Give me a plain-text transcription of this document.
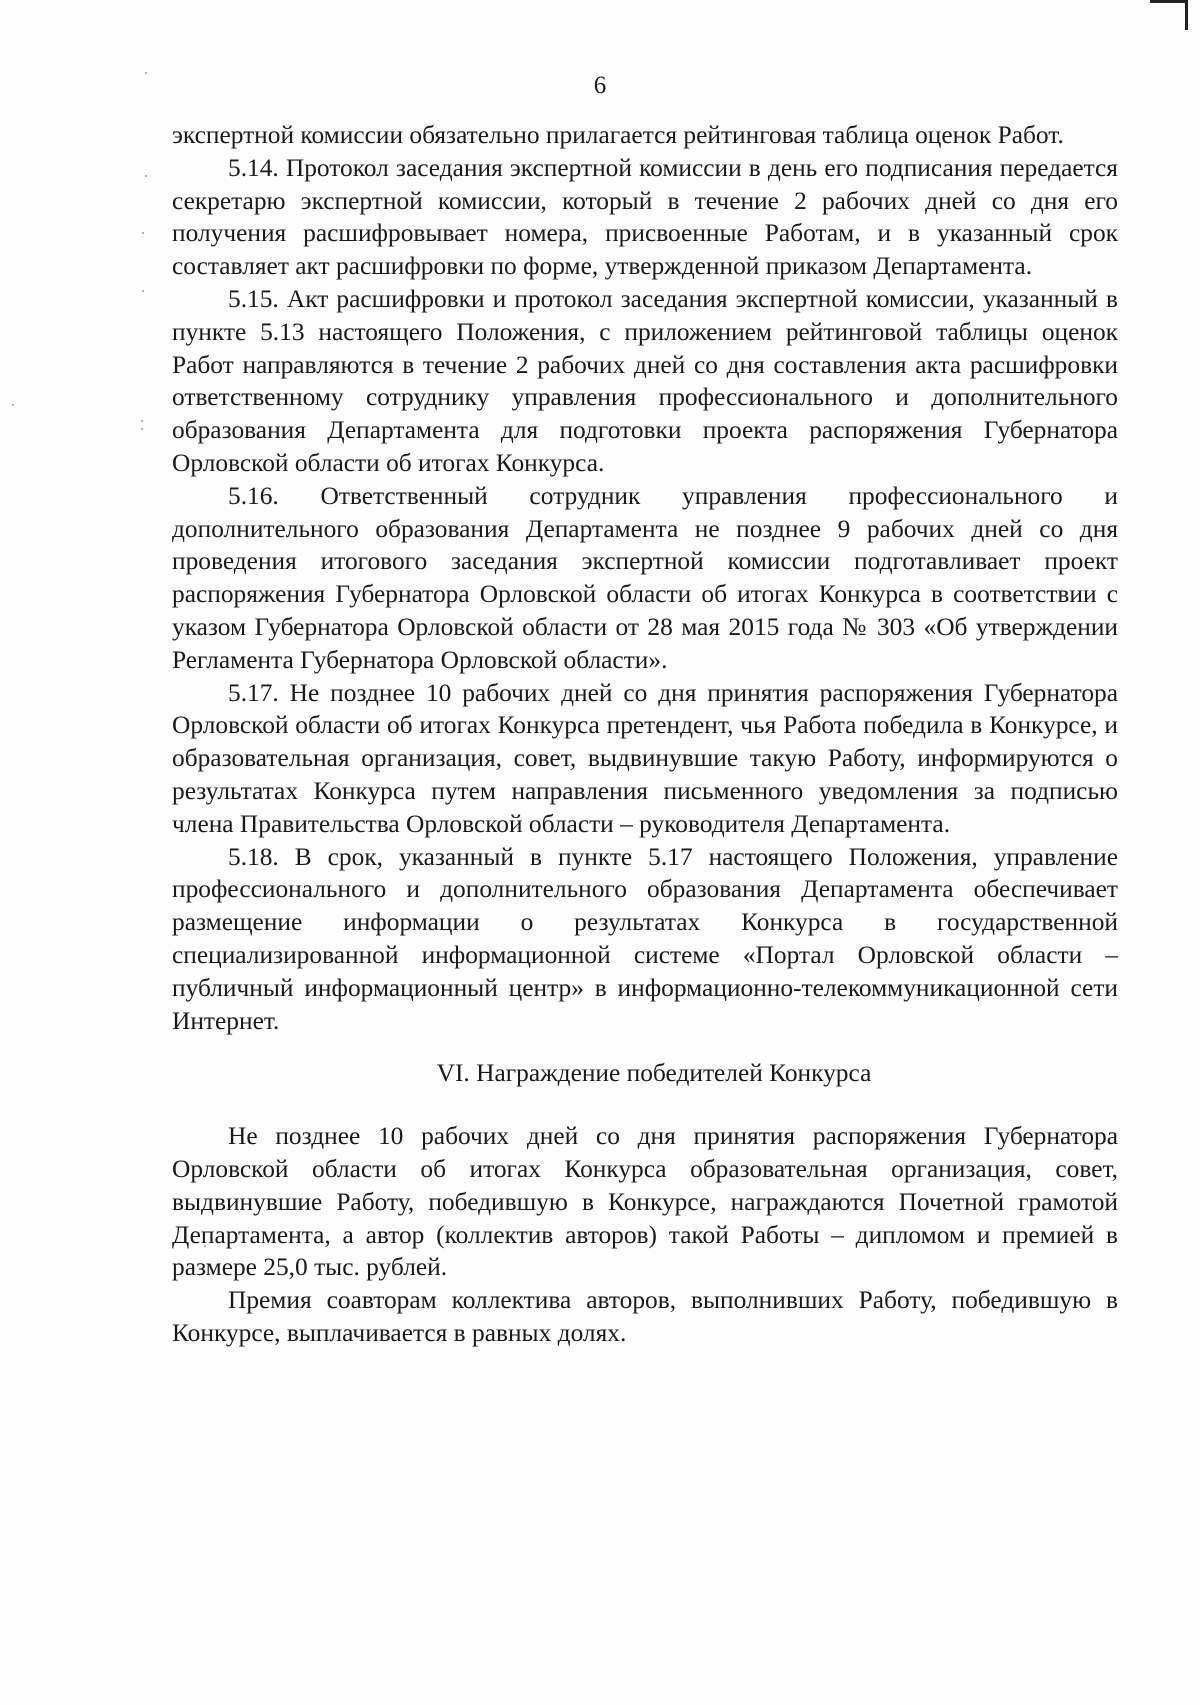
6

экспертной комиссии обязательно прилагается рейтинговая таблица оценок Работ.

5.14. Протокол заседания экспертной комиссии в день его подписания передается секретарю экспертной комиссии, который в течение 2 рабочих дней со дня его получения расшифровывает номера, присвоенные Работам, и в указанный срок составляет акт расшифровки по форме, утвержденной приказом Департамента.

5.15. Акт расшифровки и протокол заседания экспертной комиссии, указанный в пункте 5.13 настоящего Положения, с приложением рейтинговой таблицы оценок Работ направляются в течение 2 рабочих дней со дня составления акта расшифровки ответственному сотруднику управления профессионального и дополнительного образования Департамента для подготовки проекта распоряжения Губернатора Орловской области об итогах Конкурса.

5.16. Ответственный сотрудник управления профессионального и дополнительного образования Департамента не позднее 9 рабочих дней со дня проведения итогового заседания экспертной комиссии подготавливает проект распоряжения Губернатора Орловской области об итогах Конкурса в соответствии с указом Губернатора Орловской области от 28 мая 2015 года № 303 «Об утверждении Регламента Губернатора Орловской области».

5.17. Не позднее 10 рабочих дней со дня принятия распоряжения Губернатора Орловской области об итогах Конкурса претендент, чья Работа победила в Конкурсе, и образовательная организация, совет, выдвинувшие такую Работу, информируются о результатах Конкурса путем направления письменного уведомления за подписью члена Правительства Орловской области – руководителя Департамента.

5.18. В срок, указанный в пункте 5.17 настоящего Положения, управление профессионального и дополнительного образования Департамента обеспечивает размещение информации о результатах Конкурса в государственной специализированной информационной системе «Портал Орловской области – публичный информационный центр» в информационно-телекоммуникационной сети Интернет.

VI. Награждение победителей Конкурса

Не позднее 10 рабочих дней со дня принятия распоряжения Губернатора Орловской области об итогах Конкурса образовательная организация, совет, выдвинувшие Работу, победившую в Конкурсе, награждаются Почетной грамотой Департамента, а автор (коллектив авторов) такой Работы – дипломом и премией в размере 25,0 тыс. рублей.

Премия соавторам коллектива авторов, выполнивших Работу, победившую в Конкурсе, выплачивается в равных долях.
